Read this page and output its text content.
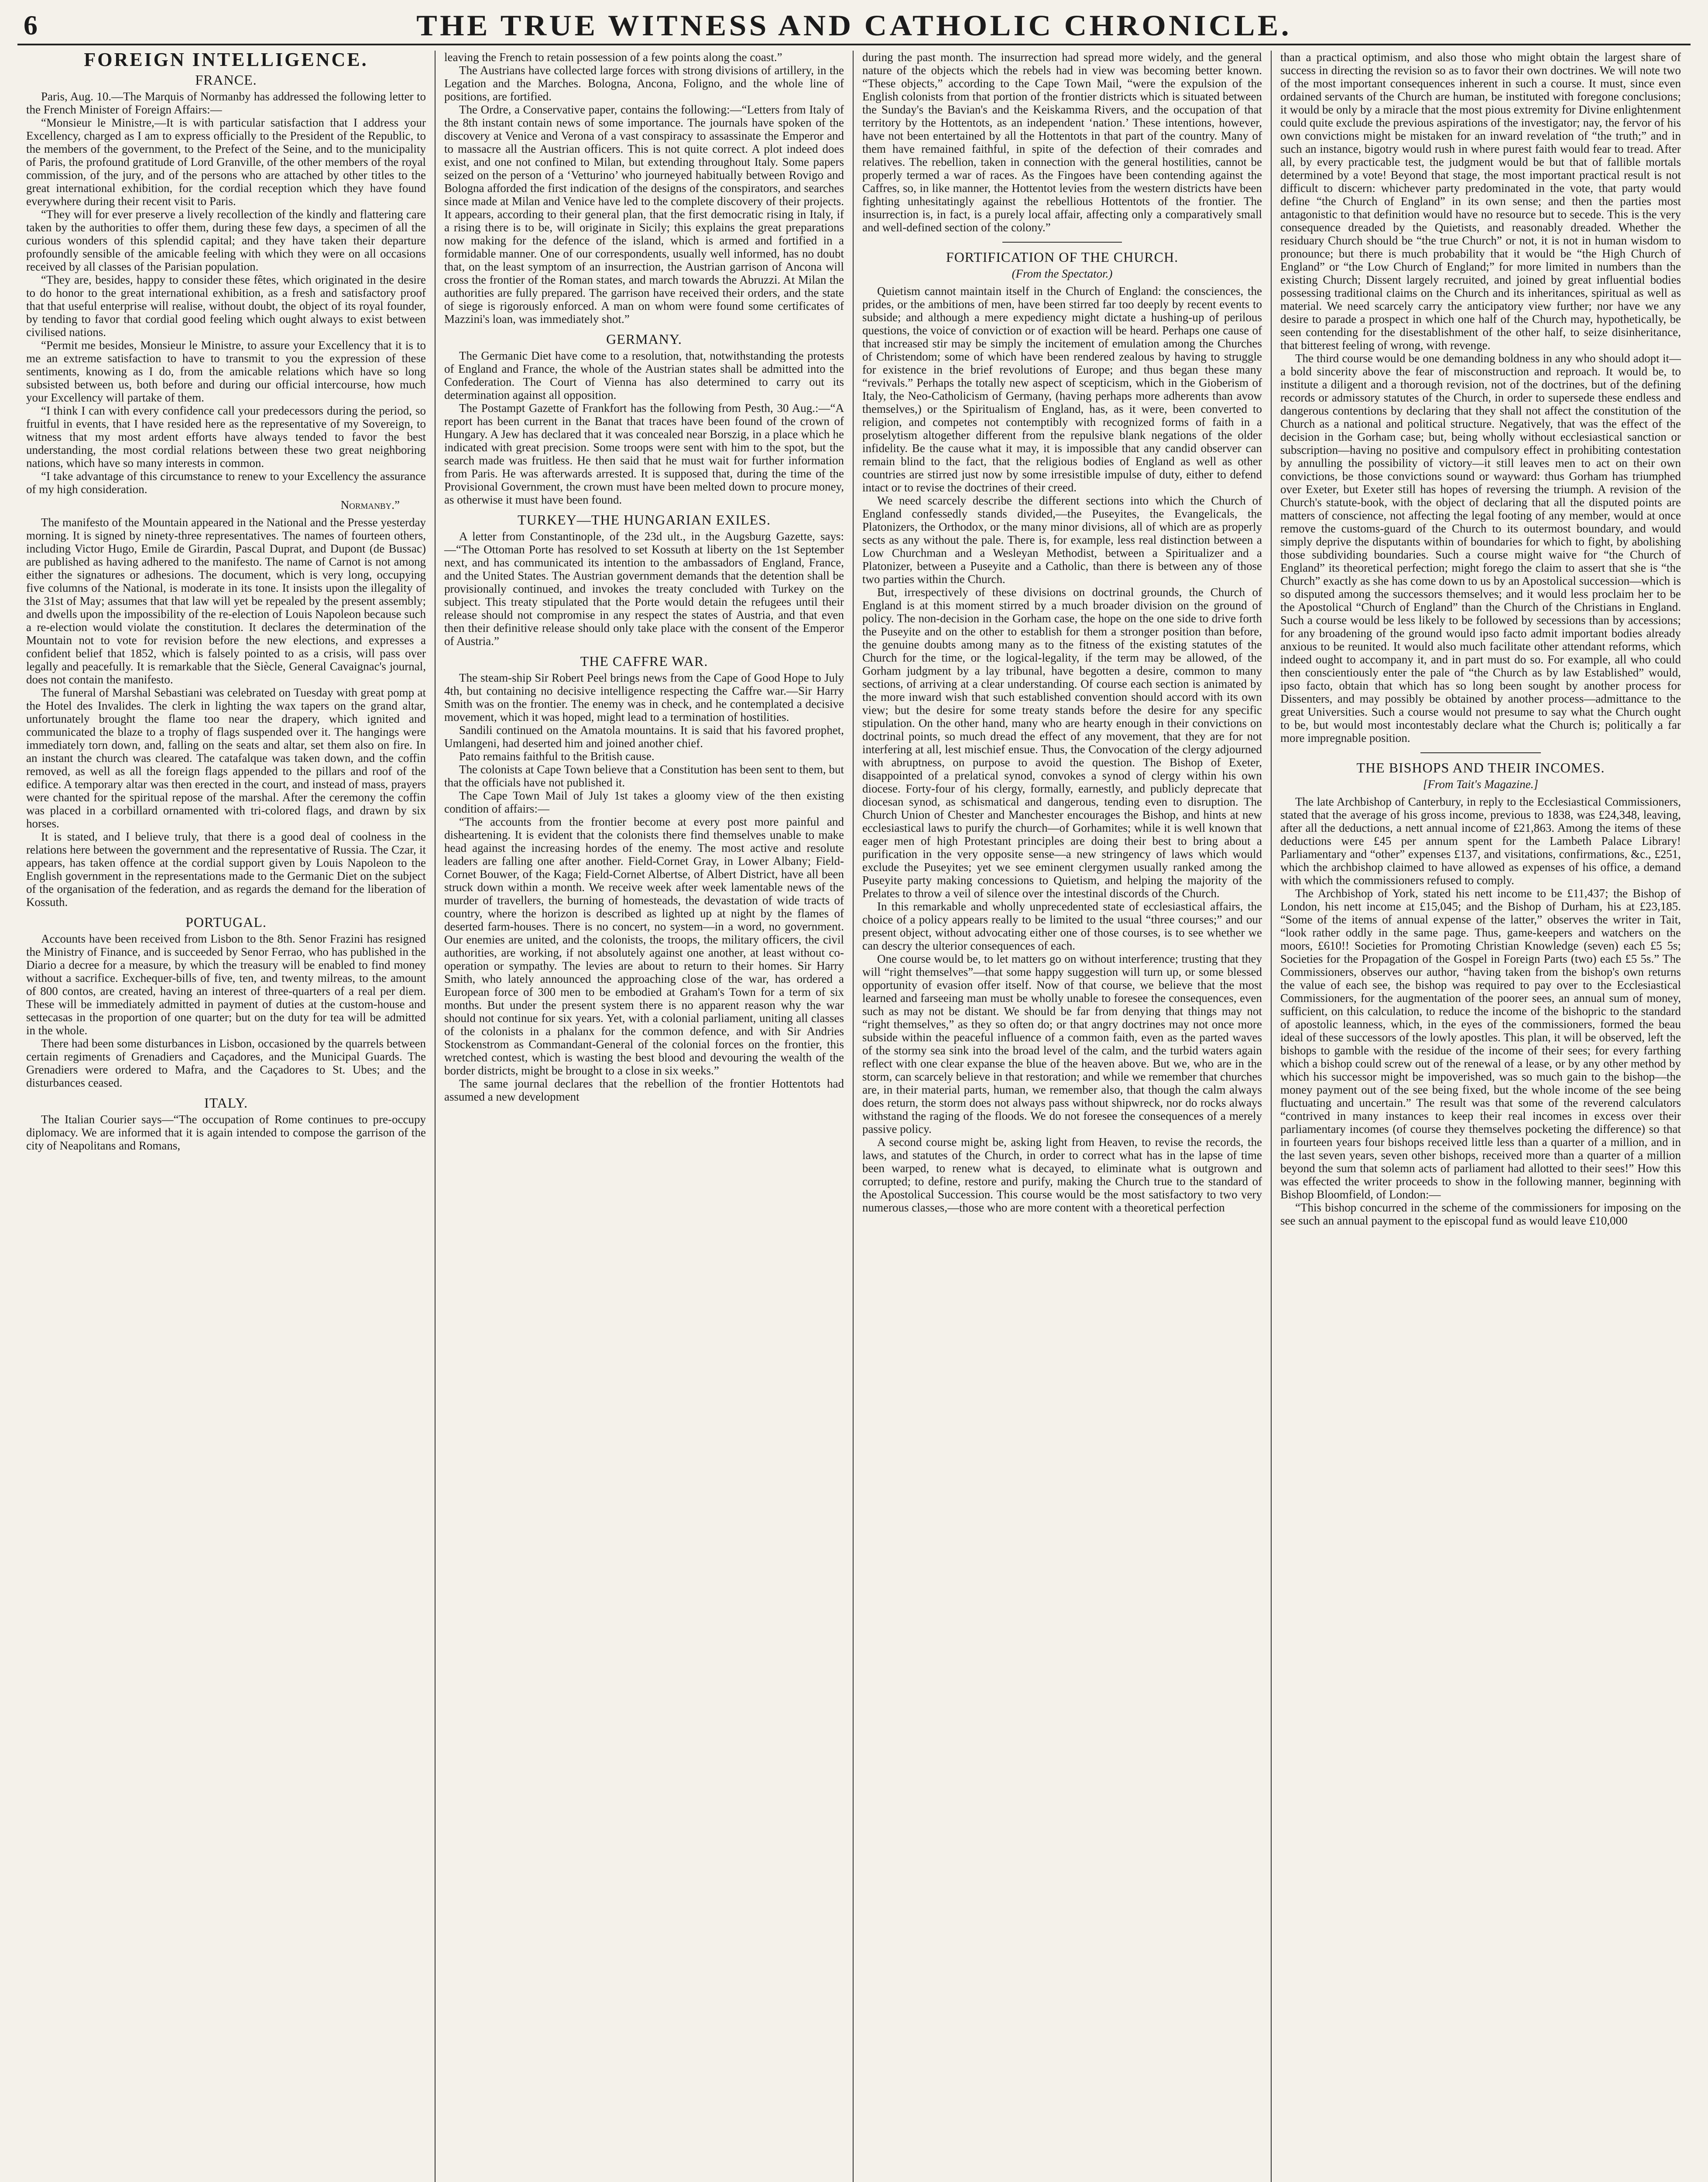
6	THE TRUE WITNESS AND CATHOLIC CHRONICLE.
FOREIGN INTELLIGENCE.
FRANCE.

Paris, Aug. 10.—The Marquis of Normanby has addressed the following letter to the French Minister of Foreign Affairs:—

“Monsieur le Ministre,—It is with particular satisfaction that I address your Excellency, charged as I am to express officially to the President of the Republic, to the members of the government, to the Prefect of the Seine, and to the municipality of Paris, the profound gratitude of Lord Granville, of the other members of the royal commission, of the jury, and of the persons who are attached by other titles to the great international exhibition, for the cordial reception which they have found everywhere during their recent visit to Paris.

“They will for ever preserve a lively recollection of the kindly and flattering care taken by the authorities to offer them, during these few days, a specimen of all the curious wonders of this splendid capital; and they have taken their departure profoundly sensible of the amicable feeling with which they were on all occasions received by all classes of the Parisian population.

“They are, besides, happy to consider these fêtes, which originated in the desire to do honor to the great international exhibition, as a fresh and satisfactory proof that that useful enterprise will realise, without doubt, the object of its royal founder, by tending to favor that cordial good feeling which ought always to exist between civilised nations.

“Permit me besides, Monsieur le Ministre, to assure your Excellency that it is to me an extreme satisfaction to have to transmit to you the expression of these sentiments, knowing as I do, from the amicable relations which have so long subsisted between us, both before and during our official intercourse, how much your Excellency will partake of them.

“I think I can with every confidence call your predecessors during the period, so fruitful in events, that I have resided here as the representative of my Sovereign, to witness that my most ardent efforts have always tended to favor the best understanding, the most cordial relations between these two great neighboring nations, which have so many interests in common.

“I take advantage of this circumstance to renew to your Excellency the assurance of my high consideration.

Normanby.”

The manifesto of the Mountain appeared in the National and the Presse yesterday morning. It is signed by ninety-three representatives. The names of fourteen others, including Victor Hugo, Emile de Girardin, Pascal Duprat, and Dupont (de Bussac) are published as having adhered to the manifesto. The name of Carnot is not among either the signatures or adhesions. The document, which is very long, occupying five columns of the National, is moderate in its tone. It insists upon the illegality of the 31st of May; assumes that that law will yet be repealed by the present assembly; and dwells upon the impossibility of the re-election of Louis Napoleon because such a re-election would violate the constitution. It declares the determination of the Mountain not to vote for revision before the new elections, and expresses a confident belief that 1852, which is falsely pointed to as a crisis, will pass over legally and peacefully. It is remarkable that the Siècle, General Cavaignac's journal, does not contain the manifesto.

The funeral of Marshal Sebastiani was celebrated on Tuesday with great pomp at the Hotel des Invalides. The clerk in lighting the wax tapers on the grand altar, unfortunately brought the flame too near the drapery, which ignited and communicated the blaze to a trophy of flags suspended over it. The hangings were immediately torn down, and, falling on the seats and altar, set them also on fire. In an instant the church was cleared. The catafalque was taken down, and the coffin removed, as well as all the foreign flags appended to the pillars and roof of the edifice. A temporary altar was then erected in the court, and instead of mass, prayers were chanted for the spiritual repose of the marshal. After the ceremony the coffin was placed in a corbillard ornamented with tri-colored flags, and drawn by six horses.

It is stated, and I believe truly, that there is a good deal of coolness in the relations here between the government and the representative of Russia. The Czar, it appears, has taken offence at the cordial support given by Louis Napoleon to the English government in the representations made to the Germanic Diet on the subject of the organisation of the federation, and as regards the demand for the liberation of Kossuth.

PORTUGAL.

Accounts have been received from Lisbon to the 8th. Senor Frazini has resigned the Ministry of Finance, and is succeeded by Senor Ferrao, who has published in the Diario a decree for a measure, by which the treasury will be enabled to find money without a sacrifice. Exchequer-bills of five, ten, and twenty milreas, to the amount of 800 contos, are created, having an interest of three-quarters of a real per diem. These will be immediately admitted in payment of duties at the custom-house and settecasas in the proportion of one quarter; but on the duty for tea will be admitted in the whole.

There had been some disturbances in Lisbon, occasioned by the quarrels between certain regiments of Grenadiers and Caçadores, and the Municipal Guards. The Grenadiers were ordered to Mafra, and the Caçadores to St. Ubes; and the disturbances ceased.

ITALY.

The Italian Courier says—“The occupation of Rome continues to pre-occupy diplomacy. We are informed that it is again intended to compose the garrison of the city of Neapolitans and Romans,

leaving the French to retain possession of a few points along the coast.”

The Austrians have collected large forces with strong divisions of artillery, in the Legation and the Marches. Bologna, Ancona, Foligno, and the whole line of positions, are fortified.

The Ordre, a Conservative paper, contains the following:—“Letters from Italy of the 8th instant contain news of some importance. The journals have spoken of the discovery at Venice and Verona of a vast conspiracy to assassinate the Emperor and to massacre all the Austrian officers. This is not quite correct. A plot indeed does exist, and one not confined to Milan, but extending throughout Italy. Some papers seized on the person of a ‘Vetturino’ who journeyed habitually between Rovigo and Bologna afforded the first indication of the designs of the conspirators, and searches since made at Milan and Venice have led to the complete discovery of their projects. It appears, according to their general plan, that the first democratic rising in Italy, if a rising there is to be, will originate in Sicily; this explains the great preparations now making for the defence of the island, which is armed and fortified in a formidable manner. One of our correspondents, usually well informed, has no doubt that, on the least symptom of an insurrection, the Austrian garrison of Ancona will cross the frontier of the Roman states, and march towards the Abruzzi. At Milan the authorities are fully prepared. The garrison have received their orders, and the state of siege is rigorously enforced. A man on whom were found some certificates of Mazzini's loan, was immediately shot.”

GERMANY.

The Germanic Diet have come to a resolution, that, notwithstanding the protests of England and France, the whole of the Austrian states shall be admitted into the Confederation. The Court of Vienna has also determined to carry out its determination against all opposition.

The Postampt Gazette of Frankfort has the following from Pesth, 30 Aug.:—“A report has been current in the Banat that traces have been found of the crown of Hungary. A Jew has declared that it was concealed near Borszig, in a place which he indicated with great precision. Some troops were sent with him to the spot, but the search made was fruitless. He then said that he must wait for further information from Paris. He was afterwards arrested. It is supposed that, during the time of the Provisional Government, the crown must have been melted down to procure money, as otherwise it must have been found.

TURKEY—THE HUNGARIAN EXILES.

A letter from Constantinople, of the 23d ult., in the Augsburg Gazette, says:—“The Ottoman Porte has resolved to set Kossuth at liberty on the 1st September next, and has communicated its intention to the ambassadors of England, France, and the United States. The Austrian government demands that the detention shall be provisionally continued, and invokes the treaty concluded with Turkey on the subject. This treaty stipulated that the Porte would detain the refugees until their release should not compromise in any respect the states of Austria, and that even then their definitive release should only take place with the consent of the Emperor of Austria.”

THE CAFFRE WAR.

The steam-ship Sir Robert Peel brings news from the Cape of Good Hope to July 4th, but containing no decisive intelligence respecting the Caffre war.—Sir Harry Smith was on the frontier. The enemy was in check, and he contemplated a decisive movement, which it was hoped, might lead to a termination of hostilities.

Sandili continued on the Amatola mountains. It is said that his favored prophet, Umlangeni, had deserted him and joined another chief.

Pato remains faithful to the British cause.

The colonists at Cape Town believe that a Constitution has been sent to them, but that the officials have not published it.

The Cape Town Mail of July 1st takes a gloomy view of the then existing condition of affairs:—

“The accounts from the frontier become at every post more painful and disheartening. It is evident that the colonists there find themselves unable to make head against the increasing hordes of the enemy. The most active and resolute leaders are falling one after another. Field-Cornet Gray, in Lower Albany; Field-Cornet Bouwer, of the Kaga; Field-Cornet Albertse, of Albert District, have all been struck down within a month. We receive week after week lamentable news of the murder of travellers, the burning of homesteads, the devastation of wide tracts of country, where the horizon is described as lighted up at night by the flames of deserted farm-houses. There is no concert, no system—in a word, no government. Our enemies are united, and the colonists, the troops, the military officers, the civil authorities, are working, if not absolutely against one another, at least without co-operation or sympathy. The levies are about to return to their homes. Sir Harry Smith, who lately announced the approaching close of the war, has ordered a European force of 300 men to be embodied at Graham's Town for a term of six months. But under the present system there is no apparent reason why the war should not continue for six years. Yet, with a colonial parliament, uniting all classes of the colonists in a phalanx for the common defence, and with Sir Andries Stockenstrom as Commandant-General of the colonial forces on the frontier, this wretched contest, which is wasting the best blood and devouring the wealth of the border districts, might be brought to a close in six weeks.”

The same journal declares that the rebellion of the frontier Hottentots had assumed a new development

during the past month. The insurrection had spread more widely, and the general nature of the objects which the rebels had in view was becoming better known. “These objects,” according to the Cape Town Mail, “were the expulsion of the English colonists from that portion of the frontier districts which is situated between the Sunday's the Bavian's and the Keiskamma Rivers, and the occupation of that territory by the Hottentots, as an independent ‘nation.’ These intentions, however, have not been entertained by all the Hottentots in that part of the country. Many of them have remained faithful, in spite of the defection of their comrades and relatives. The rebellion, taken in connection with the general hostilities, cannot be properly termed a war of races. As the Fingoes have been contending against the Caffres, so, in like manner, the Hottentot levies from the western districts have been fighting unhesitatingly against the rebellious Hottentots of the frontier. The insurrection is, in fact, is a purely local affair, affecting only a comparatively small and well-defined section of the colony.”

FORTIFICATION OF THE CHURCH.
(From the Spectator.)

Quietism cannot maintain itself in the Church of England: the consciences, the prides, or the ambitions of men, have been stirred far too deeply by recent events to subside; and although a mere expediency might dictate a hushing-up of perilous questions, the voice of conviction or of exaction will be heard. Perhaps one cause of that increased stir may be simply the incitement of emulation among the Churches of Christendom; some of which have been rendered zealous by having to struggle for existence in the brief revolutions of Europe; and thus began these many “revivals.” Perhaps the totally new aspect of scepticism, which in the Gioberism of Italy, the Neo-Catholicism of Germany, (having perhaps more adherents than avow themselves,) or the Spiritualism of England, has, as it were, been converted to religion, and competes not contemptibly with recognized forms of faith in a proselytism altogether different from the repulsive blank negations of the older infidelity. Be the cause what it may, it is impossible that any candid observer can remain blind to the fact, that the religious bodies of England as well as other countries are stirred just now by some irresistible impulse of duty, either to defend intact or to revise the doctrines of their creed.

We need scarcely describe the different sections into which the Church of England confessedly stands divided,—the Puseyites, the Evangelicals, the Platonizers, the Orthodox, or the many minor divisions, all of which are as properly sects as any without the pale. There is, for example, less real distinction between a Low Churchman and a Wesleyan Methodist, between a Spiritualizer and a Platonizer, between a Puseyite and a Catholic, than there is between any of those two parties within the Church.

But, irrespectively of these divisions on doctrinal grounds, the Church of England is at this moment stirred by a much broader division on the ground of policy. The non-decision in the Gorham case, the hope on the one side to drive forth the Puseyite and on the other to establish for them a stronger position than before, the genuine doubts among many as to the fitness of the existing statutes of the Church for the time, or the logical-legality, if the term may be allowed, of the Gorham judgment by a lay tribunal, have begotten a desire, common to many sections, of arriving at a clear understanding. Of course each section is animated by the more inward wish that such established convention should accord with its own view; but the desire for some treaty stands before the desire for any specific stipulation. On the other hand, many who are hearty enough in their convictions on doctrinal points, so much dread the effect of any movement, that they are for not interfering at all, lest mischief ensue. Thus, the Convocation of the clergy adjourned with abruptness, on purpose to avoid the question. The Bishop of Exeter, disappointed of a prelatical synod, convokes a synod of clergy within his own diocese. Forty-four of his clergy, formally, earnestly, and publicly deprecate that diocesan synod, as schismatical and dangerous, tending even to disruption. The Church Union of Chester and Manchester encourages the Bishop, and hints at new ecclesiastical laws to purify the church—of Gorhamites; while it is well known that eager men of high Protestant principles are doing their best to bring about a purification in the very opposite sense—a new stringency of laws which would exclude the Puseyites; yet we see eminent clergymen usually ranked among the Puseyite party making concessions to Quietism, and helping the majority of the Prelates to throw a veil of silence over the intestinal discords of the Church.

In this remarkable and wholly unprecedented state of ecclesiastical affairs, the choice of a policy appears really to be limited to the usual “three courses;” and our present object, without advocating either one of those courses, is to see whether we can descry the ulterior consequences of each.

One course would be, to let matters go on without interference; trusting that they will “right themselves”—that some happy suggestion will turn up, or some blessed opportunity of evasion offer itself. Now of that course, we believe that the most learned and farseeing man must be wholly unable to foresee the consequences, even such as may not be distant. We should be far from denying that things may not “right themselves,” as they so often do; or that angry doctrines may not once more subside within the peaceful influence of a common faith, even as the parted waves of the stormy sea sink into the broad level of the calm, and the turbid waters again reflect with one clear expanse the blue of the heaven above. But we, who are in the storm, can scarcely believe in that restoration; and while we remember that churches are, in their material parts, human, we remember also, that though the calm always does return, the storm does not always pass without shipwreck, nor do rocks always withstand the raging of the floods. We do not foresee the consequences of a merely passive policy.

A second course might be, asking light from Heaven, to revise the records, the laws, and statutes of the Church, in order to correct what has in the lapse of time been warped, to renew what is decayed, to eliminate what is outgrown and corrupted; to define, restore and purify, making the Church true to the standard of the Apostolical Succession. This course would be the most satisfactory to two very numerous classes,—those who are more content with a theoretical perfection

than a practical optimism, and also those who might obtain the largest share of success in directing the revision so as to favor their own doctrines. We will note two of the most important consequences inherent in such a course. It must, since even ordained servants of the Church are human, be instituted with foregone conclusions; it would be only by a miracle that the most pious extremity for Divine enlightenment could quite exclude the previous aspirations of the investigator; nay, the fervor of his own convictions might be mistaken for an inward revelation of “the truth;” and in such an instance, bigotry would rush in where purest faith would fear to tread. After all, by every practicable test, the judgment would be but that of fallible mortals determined by a vote! Beyond that stage, the most important practical result is not difficult to discern: whichever party predominated in the vote, that party would define “the Church of England” in its own sense; and then the parties most antagonistic to that definition would have no resource but to secede. This is the very consequence dreaded by the Quietists, and reasonably dreaded. Whether the residuary Church should be “the true Church” or not, it is not in human wisdom to pronounce; but there is much probability that it would be “the High Church of England” or “the Low Church of England;” for more limited in numbers than the existing Church; Dissent largely recruited, and joined by great influential bodies possessing traditional claims on the Church and its inheritances, spiritual as well as material. We need scarcely carry the anticipatory view further; nor have we any desire to parade a prospect in which one half of the Church may, hypothetically, be seen contending for the disestablishment of the other half, to seize disinheritance, that bitterest feeling of wrong, with revenge.

The third course would be one demanding boldness in any who should adopt it—a bold sincerity above the fear of misconstruction and reproach. It would be, to institute a diligent and a thorough revision, not of the doctrines, but of the defining records or admissory statutes of the Church, in order to supersede these endless and dangerous contentions by declaring that they shall not affect the constitution of the Church as a national and political structure. Negatively, that was the effect of the decision in the Gorham case; but, being wholly without ecclesiastical sanction or subscription—having no positive and compulsory effect in prohibiting contestation by annulling the possibility of victory—it still leaves men to act on their own convictions, be those convictions sound or wayward: thus Gorham has triumphed over Exeter, but Exeter still has hopes of reversing the triumph. A revision of the Church's statute-book, with the object of declaring that all the disputed points are matters of conscience, not affecting the legal footing of any member, would at once remove the customs-guard of the Church to its outermost boundary, and would simply deprive the disputants within of boundaries for which to fight, by abolishing those subdividing boundaries. Such a course might waive for “the Church of England” its theoretical perfection; might forego the claim to assert that she is “the Church” exactly as she has come down to us by an Apostolical succession—which is so disputed among the successors themselves; and it would less proclaim her to be the Apostolical “Church of England” than the Church of the Christians in England. Such a course would be less likely to be followed by secessions than by accessions; for any broadening of the ground would ipso facto admit important bodies already anxious to be reunited. It would also much facilitate other attendant reforms, which indeed ought to accompany it, and in part must do so. For example, all who could then conscientiously enter the pale of “the Church as by law Established” would, ipso facto, obtain that which has so long been sought by another process for Dissenters, and may possibly be obtained by another process—admittance to the great Universities. Such a course would not presume to say what the Church ought to be, but would most incontestably declare what the Church is; politically a far more impregnable position.

THE BISHOPS AND THEIR INCOMES.
[From Tait's Magazine.]

The late Archbishop of Canterbury, in reply to the Ecclesiastical Commissioners, stated that the average of his gross income, previous to 1838, was £24,348, leaving, after all the deductions, a nett annual income of £21,863. Among the items of these deductions were £45 per annum spent for the Lambeth Palace Library! Parliamentary and “other” expenses £137, and visitations, confirmations, &c., £251, which the archbishop claimed to have allowed as expenses of his office, a demand with which the commissioners refused to comply.

The Archbishop of York, stated his nett income to be £11,437; the Bishop of London, his nett income at £15,045; and the Bishop of Durham, his at £23,185. “Some of the items of annual expense of the latter,” observes the writer in Tait, “look rather oddly in the same page. Thus, game-keepers and watchers on the moors, £610!! Societies for Promoting Christian Knowledge (seven) each £5 5s; Societies for the Propagation of the Gospel in Foreign Parts (two) each £5 5s.” The Commissioners, observes our author, “having taken from the bishop's own returns the value of each see, the bishop was required to pay over to the Ecclesiastical Commissioners, for the augmentation of the poorer sees, an annual sum of money, sufficient, on this calculation, to reduce the income of the bishopric to the standard of apostolic leanness, which, in the eyes of the commissioners, formed the beau ideal of these successors of the lowly apostles. This plan, it will be observed, left the bishops to gamble with the residue of the income of their sees; for every farthing which a bishop could screw out of the renewal of a lease, or by any other method by which his successor might be impoverished, was so much gain to the bishop—the money payment out of the see being fixed, but the whole income of the see being fluctuating and uncertain.” The result was that some of the reverend calculators “contrived in many instances to keep their real incomes in excess over their parliamentary incomes (of course they themselves pocketing the difference) so that in fourteen years four bishops received little less than a quarter of a million, and in the last seven years, seven other bishops, received more than a quarter of a million beyond the sum that solemn acts of parliament had allotted to their sees!” How this was effected the writer proceeds to show in the following manner, beginning with Bishop Bloomfield, of London:—

“This bishop concurred in the scheme of the commissioners for imposing on the see such an annual payment to the episcopal fund as would leave £10,000
